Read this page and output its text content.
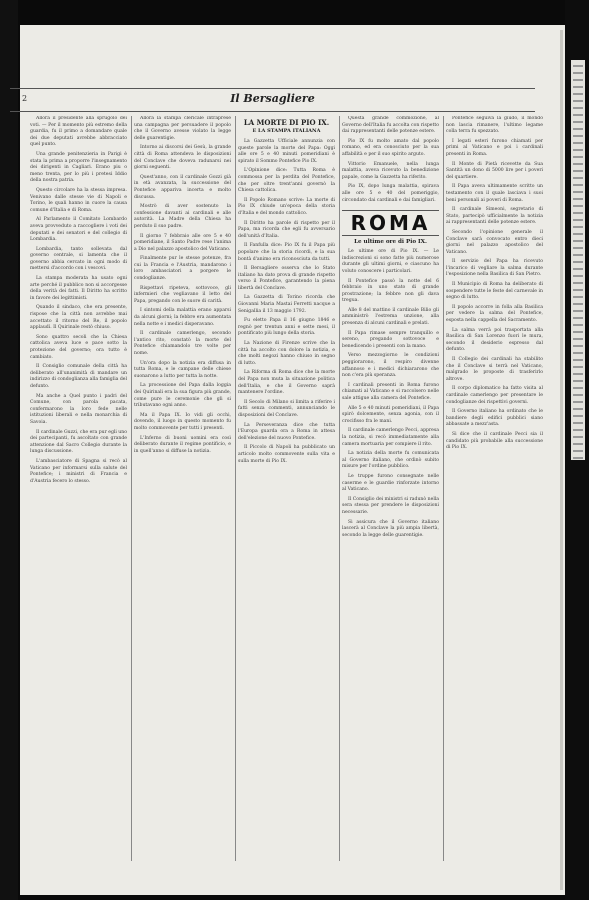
2	Il Bersagliere

Allora il presidente alla sprugolo dei voti. — Per il momento più estremo della guardia, fu il primo a domandare quale dei due deputati avrebbe abbracciato quel punto.

Una grande penitenzieria in Parigi è stata la prima a proporre l'insegnamento dei dirigenti in Cagliari. Erano piu o meno trenta, per lo più i pretesi Iddio della nostra patria.

Questo circolare ha la stessa impresa. Venivano dalle stesse vie di Napoli e Torino, le quali hanno in cuore la causa comune d'Italia e di Roma.

Al Parlamento il Comitato Lombardo aveva provveduto a raccogliere i voti dei deputati e dei senatori e del collegio di Lombardia.

Lombardia, tanto sollevata dal governo centrale, si lamenta che il governo abbia cercato in ogni modo di mettersi d'accordo con i vescovi.

La stampa moderata ha usato ogni arte perché il pubblico non si accorgesse della verità dei fatti. Il Diritto ha scritto in favore dei legittimisti.

Quando il sindaco, che era presente, rispose che la città non avrebbe mai accettato il ritorno del Re, il popolo applaudì. Il Quirinale restò chiuso.

Sono quattro secoli che la Chiesa cattolica aveva luce e pace sotto la protezione del governo; ora tutto è cambiato.

Il Consiglio comunale della città ha deliberato all'unanimità di mandare un indirizzo di condoglianza alla famiglia del defunto.

Ma anche a Quel punto i padri del Comune, con parola pacata, confermarono la loro fede nelle istituzioni liberali e nella monarchia di Savoia.

Il cardinale Guzzi, che era pur egli uno dei partecipanti, fu ascoltato con grande attenzione dal Sacro Collegio durante la lunga discussione.

L'ambasciatore di Spagna si recò al Vaticano per informarsi sulla salute del Pontefice; i ministri di Francia e d'Austria fecero lo stesso.

Allora la stampa clericale intraprese una campagna per persuadere il popolo che il Governo avesse violato la legge delle guarentigie.

Intorno ai discorsi dei Gesù, la grande città di Roma attendeva le disposizioni del Conclave che doveva radunarsi nei giorni seguenti.

Quest'anno, con il cardinale Gozzi già in età avanzata, la successione del Pontefice appariva incerta e molto discussa.

Mostrò di aver sostenuto la confessione davanti ai cardinali e alle autorità. La Madre della Chiesa ha perduto il suo padre.

Il giorno 7 febbraio alle ore 5 e 40 pomeridiane, il Santo Padre rese l'anima a Dio nel palazzo apostolico del Vaticano.

Finalmente pur le stesse potenze, fra cui la Francia e l'Austria, mandarono i loro ambasciatori a porgere le condoglianze.

Rispettavi ripeteva, sottovoce, gli infermieri che vegliavano il letto del Papa, pregando con le suore di carità.

I sintomi della malattia erano apparsi da alcuni giorni; la febbre era aumentata nella notte e i medici disperavano.

Il cardinale camerlengo, secondo l'antico rito, constatò la morte del Pontefice chiamandolo tre volte per nome.

Un'ora dopo la notizia era diffusa in tutta Roma, e le campane delle chiese suonarono a lutto per tutta la notte.

La processione del Papa dalla loggia dei Quirinali era la sua figura più grande, come pure le ceremonie che gli si tributavano ogni anno.

Ma il Papa IX. Io vidi gli occhi, dovendo, il luogo in questo momento fu molto commovente per tutti i presenti.

L'Inferno di buoni uomini era così deliberato durante il regime pontificio, e in quell'anno si diffuse la notizia.

LA MORTE DI PIO IX.
E LA STAMPA ITALIANA

La Gazzetta Ufficiale annunzia con queste parole la morte del Papa: Oggi alle ore 5 e 40 minuti pomeridiani è spirato il Sommo Pontefice Pio IX.

L'Opinione dice: Tutta Roma è commossa per la perdita del Pontefice, che per oltre trent'anni governò la Chiesa cattolica.

Il Popolo Romano scrive: La morte di Pio IX chiude un'epoca della storia d'Italia e del mondo cattolico.

Il Diritto ha parole di rispetto per il Papa, ma ricorda che egli fu avversario dell'unità d'Italia.

Il Fanfulla dice: Pio IX fu il Papa più popolare che la storia ricordi, e la sua bontà d'animo era riconosciuta da tutti.

Il Bersagliere osserva che lo Stato italiano ha dato prova di grande rispetto verso il Pontefice, garantendo la piena libertà del Conclave.

La Gazzetta di Torino ricorda che Giovanni Maria Mastai Ferretti nacque a Senigallia il 13 maggio 1792.

Fu eletto Papa il 16 giugno 1846 e regnò per trentun anni e sette mesi, il pontificato più lungo della storia.

La Nazione di Firenze scrive che la città ha accolto con dolore la notizia, e che molti negozi hanno chiuso in segno di lutto.

La Riforma di Roma dice che la morte del Papa non muta la situazione politica dell'Italia, e che il Governo saprà mantenere l'ordine.

Il Secolo di Milano si limita a riferire i fatti senza commenti, annunciando le disposizioni del Conclave.

La Perseveranza dice che tutta l'Europa guarda ora a Roma in attesa dell'elezione del nuovo Pontefice.

Il Piccolo di Napoli ha pubblicato un articolo molto commovente sulla vita e sulla morte di Pio IX.

Questa grande commozione, al Governo dell'Italia fu accolta con rispetto dai rappresentanti delle potenze estere.

Pio IX fu molto amato dal popolo romano, ed era conosciuto per la sua affabilità e per il suo spirito arguto.

Vittorio Emanuele, nella lunga malattia, aveva ricevuto la benedizione papale, come la Gazzetta ha riferito.

Pio IX, dopo lunga malattia, spirava alle ore 5 e 40 del pomeriggio, circondato dai cardinali e dai famigliari.

ROMA
Le ultime ore di Pio IX.

Le ultime ore di Pio IX. — Le indiscrezioni si sono fatte più numerose durante gli ultimi giorni, e ciascuno ha voluto conoscere i particolari.

Il Pontefice passò la notte del 6 febbraio in uno stato di grande prostrazione; la febbre non gli dava tregua.

Alle 8 del mattino il cardinale Bilio gli amministrò l'estrema unzione, alla presenza di alcuni cardinali e prelati.

Il Papa rimase sempre tranquillo e sereno, pregando sottovoce e benedicendo i presenti con la mano.

Verso mezzogiorno le condizioni peggiorarono, il respiro divenne affannoso e i medici dichiararono che non c'era più speranza.

I cardinali presenti in Roma furono chiamati al Vaticano e si raccolsero nelle sale attigue alla camera del Pontefice.

Alle 5 e 40 minuti pomeridiani, il Papa spirò dolcemente, senza agonia, con il crocifisso fra le mani.

Il cardinale camerlengo Pecci, appresa la notizia, si recò immediatamente alla camera mortuaria per compiere il rito.

La notizia della morte fu comunicata al Governo italiano, che ordinò subito misure per l'ordine pubblico.

Le truppe furono consegnate nelle caserme e le guardie rinforzate intorno al Vaticano.

Il Consiglio dei ministri si radunò nella sera stessa per prendere le disposizioni necessarie.

Si assicura che il Governo italiano lascerà al Conclave la più ampia libertà, secondo la legge delle guarentigie.

Pontefice seguiva la giudo, il mondo non lascia rimanere, l'ultimo legame colla terra fu spezzato.

I legati esteri furono chiamati per primi al Vaticano e poi i cardinali presenti in Roma.

Il Monte di Pietà ricevette da Sua Santità un dono di 5000 lire per i poveri del quartiere.

Il Papa aveva ultimamente scritto un testamento con il quale lasciava i suoi beni personali ai poveri di Roma.

Il cardinale Simeoni, segretario di Stato, partecipò ufficialmente la notizia ai rappresentanti delle potenze estere.

Secondo l'opinione generale il Conclave sarà convocato entro dieci giorni nel palazzo apostolico del Vaticano.

Il servizio del Papa ha ricevuto l'incarico di vegliare la salma durante l'esposizione nella Basilica di San Pietro.

Il Municipio di Roma ha deliberato di sospendere tutte le feste del carnevale in segno di lutto.

Il popolo accorre in folla alla Basilica per vedere la salma del Pontefice, esposta nella cappella del Sacramento.

La salma verrà poi trasportata alla Basilica di San Lorenzo fuori le mura, secondo il desiderio espresso dal defunto.

Il Collegio dei cardinali ha stabilito che il Conclave si terrà nel Vaticano, malgrado le proposte di trasferirlo altrove.

Il corpo diplomatico ha fatto visita al cardinale camerlengo per presentare le condoglianze dei rispettivi governi.

Il Governo italiano ha ordinato che le bandiere degli edifici pubblici siano abbassate a mezz'asta.

Si dice che il cardinale Pecci sia il candidato più probabile alla successione di Pio IX.
